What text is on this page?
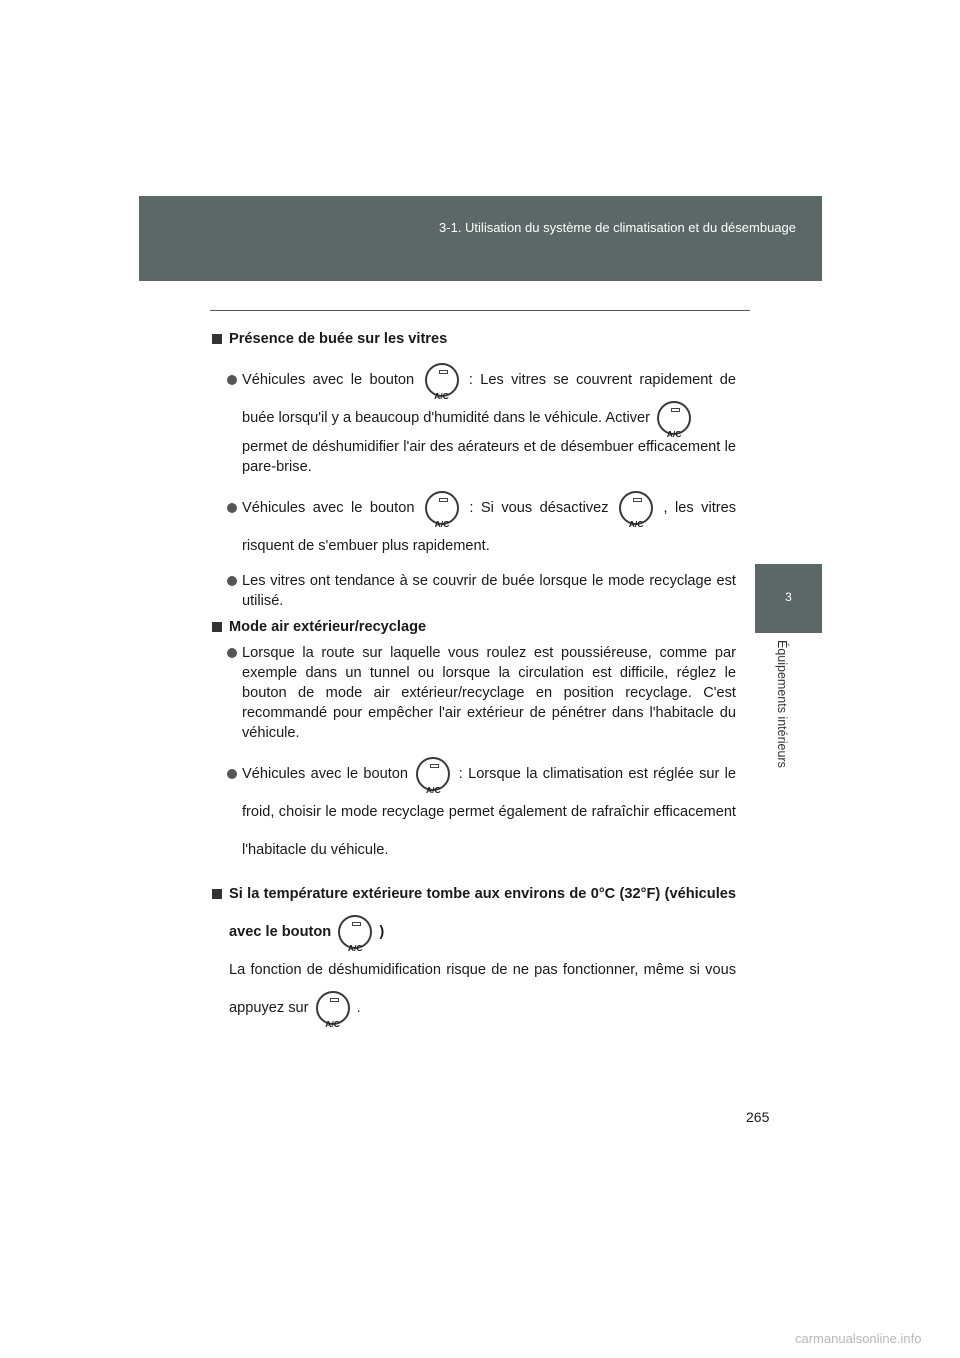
3-1. Utilisation du système de climatisation et du désembuage
3
Équipements intérieurs
Présence de buée sur les vitres
Véhicules avec le bouton
A/C
: Les vitres se couvrent rapidement de buée lorsqu'il y a beaucoup d'humidité dans le véhicule. Activer
A/C
permet de déshumidifier l'air des aérateurs et de désembuer efficacement le pare-brise.
Véhicules avec le bouton
A/C
: Si vous désactivez
A/C
, les vitres risquent de s'embuer plus rapidement.
Les vitres ont tendance à se couvrir de buée lorsque le mode recyclage est utilisé.
Mode air extérieur/recyclage
Lorsque la route sur laquelle vous roulez est poussiéreuse, comme par exemple dans un tunnel ou lorsque la circulation est difficile, réglez le bouton de mode air extérieur/recyclage en position recyclage. C'est recommandé pour empêcher l'air extérieur de pénétrer dans l'habitacle du véhicule.
Véhicules avec le bouton
A/C
: Lorsque la climatisation est réglée sur le froid, choisir le mode recyclage permet également de rafraîchir efficacement l'habitacle du véhicule.
Si la température extérieure tombe aux environs de 0°C (32°F) (véhicules avec le bouton
A/C
)
La fonction de déshumidification risque de ne pas fonctionner, même si vous appuyez sur
A/C
.
265
carmanualsonline.info
